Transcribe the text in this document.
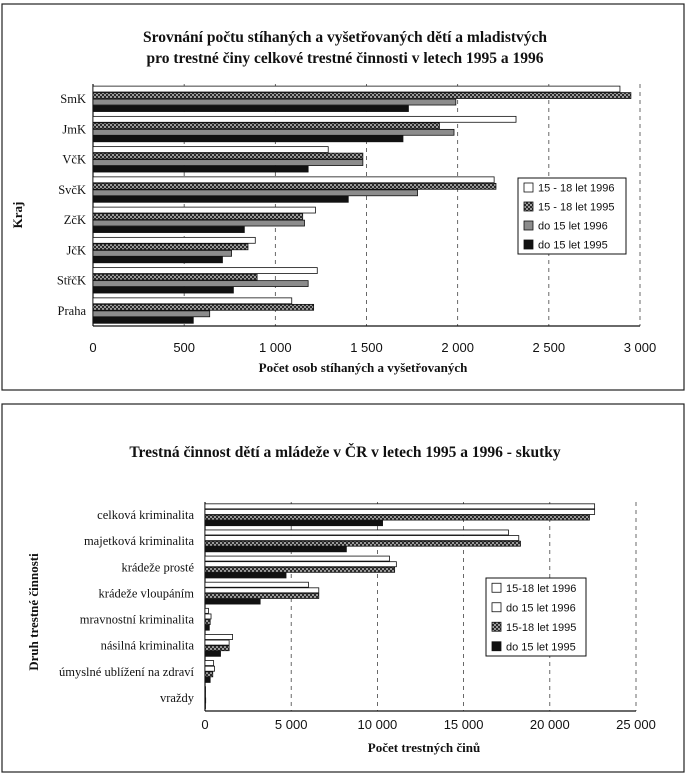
Srovnání počtu stíhaných a vyšetřovaných dětí a mladistvých
pro trestné činy celkové trestné činnosti v letech 1995 a 1996
Kraj
Počet osob stíhaných a vyšetřovaných
Trestná činnost dětí a mládeže v ČR v letech 1995 a 1996 - skutky
Druh trestné činnosti
Počet trestných činů
0	500	1 000	1 500	2 000	2 500	3 000
SmK
JmK
VčK
SvčK
ZčK
JčK
StřčK
Praha
15 - 18 let 1996
15 - 18 let 1995
do 15 let 1996
do 15 let 1995
0	5 000	10 000	15 000	20 000	25 000
celková kriminalita
majetková kriminalita
krádeže prosté
krádeže vloupáním
mravnostní kriminalita
násilná kriminalita
úmyslné ublížení na zdraví
vraždy
15-18 let 1996
do 15 let 1996
15-18 let 1995
do 15 let 1995
